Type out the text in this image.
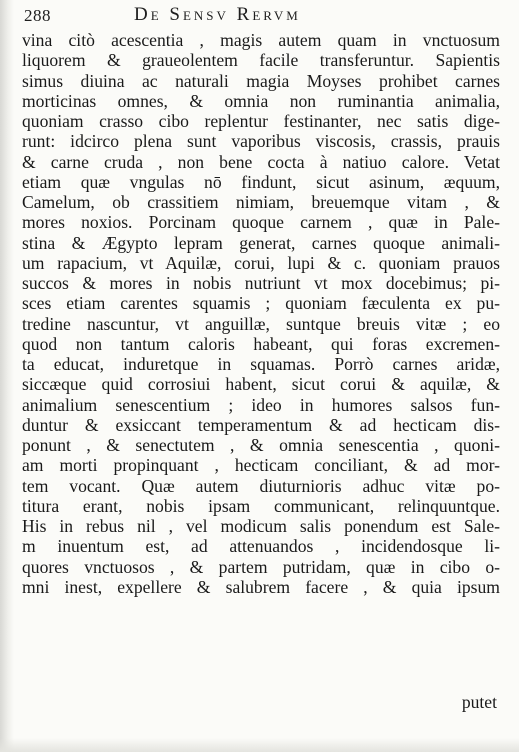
288	De Sensv Rervm
vina citò acescentia , magis autem quam in vnctuosum
liquorem & graueolentem facile transferuntur. Sapientis
simus diuina ac naturali magia Moyses prohibet carnes
morticinas omnes, & omnia non ruminantia animalia,
quoniam crasso cibo replentur festinanter, nec satis dige-
runt: idcirco plena sunt vaporibus viscosis, crassis, prauis
& carne cruda , non bene cocta à natiuo calore. Vetat
etiam quæ vngulas nō findunt, sicut asinum, æquum,
Camelum, ob crassitiem nimiam, breuemque vitam , &
mores noxios. Porcinam quoque carnem , quæ in Pale-
stina & Ægypto lepram generat, carnes quoque animali-
um rapacium, vt Aquilæ, corui, lupi & c. quoniam prauos
succos & mores in nobis nutriunt vt mox docebimus; pi-
sces etiam carentes squamis ; quoniam fæculenta ex pu-
tredine nascuntur, vt anguillæ, suntque breuis vitæ ; eo
quod non tantum caloris habeant, qui foras excremen-
ta educat, induretque in squamas. Porrò carnes aridæ,
siccæque quid corrosiui habent, sicut corui & aquilæ, &
animalium senescentium ; ideo in humores salsos fun-
duntur & exsiccant temperamentum & ad hecticam dis-
ponunt , & senectutem , & omnia senescentia , quoni-
am morti propinquant , hecticam conciliant, & ad mor-
tem vocant. Quæ autem diuturnioris adhuc vitæ po-
titura erant, nobis ipsam communicant, relinquuntque.
His in rebus nil , vel modicum salis ponendum est Sale-
m inuentum est, ad attenuandos , incidendosque li-
quores vnctuosos , & partem putridam, quæ in cibo o-
mni inest, expellere & salubrem facere , & quia ipsum
putet
